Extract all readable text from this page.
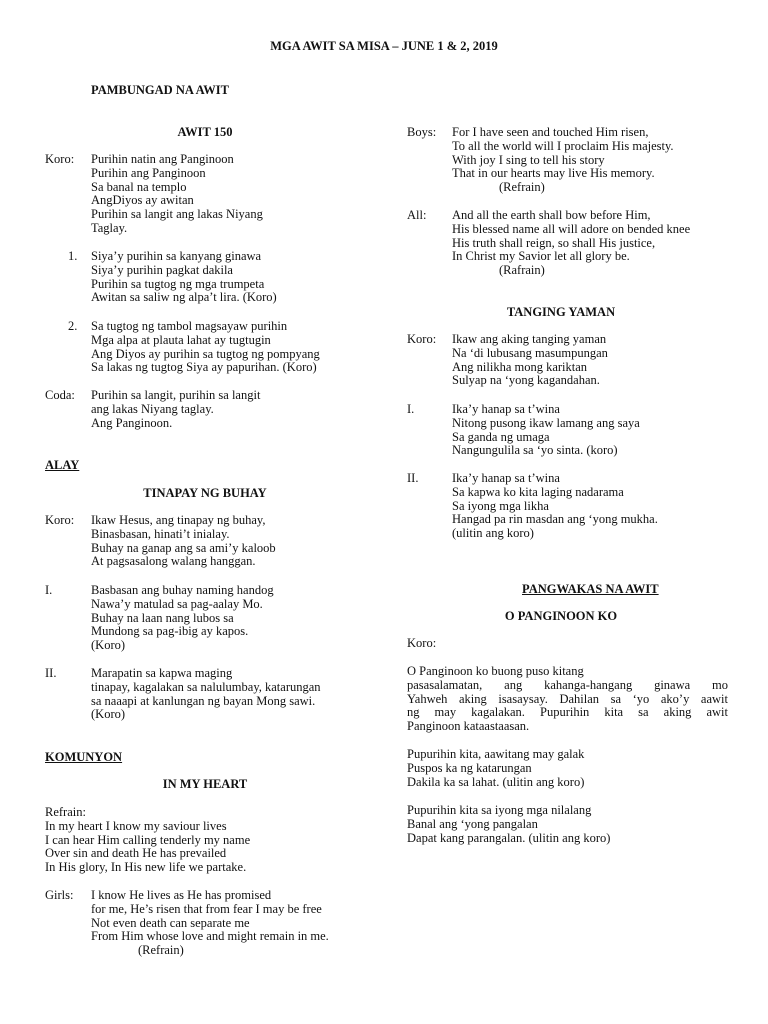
MGA AWIT SA MISA – JUNE 1 & 2, 2019
PAMBUNGAD NA AWIT
AWIT 150
Koro: Purihin natin ang Panginoon
Purihin ang Panginoon
Sa banal na templo
AngDiyos ay awitan
Purihin sa langit ang lakas Niyang
Taglay.
1. Siya’y purihin sa kanyang ginawa
Siya’y purihin pagkat dakila
Purihin sa tugtog ng mga trumpeta
Awitan sa saliw ng alpa’t lira. (Koro)
2. Sa tugtog ng tambol magsayaw purihin
Mga alpa at plauta lahat ay tugtugin
Ang Diyos ay purihin sa tugtog ng pompyang
Sa lakas ng tugtog Siya ay papurihan. (Koro)
Coda: Purihin sa langit, purihin sa langit
ang lakas Niyang taglay.
Ang Panginoon.
ALAY
TINAPAY NG BUHAY
Koro: Ikaw Hesus, ang tinapay ng buhay,
Binasbasan, hinati’t inialay.
Buhay na ganap ang sa ami’y kaloob
At pagsasalong walang hanggan.
I.	Basbasan ang buhay naming handog
Nawa’y matulad sa pag-aalay Mo.
Buhay na laan nang lubos sa
Mundong sa pag-ibig ay kapos.
(Koro)
II.	Marapatin sa kapwa maging
tinapay, kagalakan sa nalulumbay, katarungan
sa naaapi at kanlungan ng bayan Mong sawi.
(Koro)
KOMUNYON
IN MY HEART
Refrain:
In my heart I know my saviour lives
I can hear Him calling tenderly my name
Over sin and death He has prevailed
In His glory, In His new life we partake.
Girls: I know He lives as He has promised
for me, He’s risen that from fear I may be free
Not even death can separate me
From Him whose love and might remain in me.
(Refrain)
Boys: For I have seen and touched Him risen,
To all the world will I proclaim His majesty.
With joy I sing to tell his story
That in our hearts may live His memory.
(Refrain)
All: And all the earth shall bow before Him,
His blessed name all will adore on bended knee
His truth shall reign, so shall His justice,
In Christ my Savior let all glory be.
(Rafrain)
TANGING YAMAN
Koro: Ikaw ang aking tanging yaman
Na ‘di lubusang masumpungan
Ang nilikha mong kariktan
Sulyap na ‘yong kagandahan.
I.	Ika’y hanap sa t’wina
Nitong pusong ikaw lamang ang saya
Sa ganda ng umaga
Nangungulila sa ‘yo sinta. (koro)
II.	Ika’y hanap sa t’wina
Sa kapwa ko kita laging nadarama
Sa iyong mga likha
Hangad pa rin masdan ang ‘yong mukha.
(ulitin ang koro)
PANGWAKAS NA AWIT
O PANGINOON KO
Koro:
O Panginoon ko buong puso kitang
pasasalamatan, ang kahanga-hangang ginawa mo
Yahweh aking isasaysay. Dahilan sa ‘yo ako’y aawit
ng may kagalakan. Pupurihin kita sa aking awit
Panginoon kataastaasan.
Pupurihin kita, aawitang may galak
Puspos ka ng katarungan
Dakila ka sa lahat. (ulitin ang koro)
Pupurihin kita sa iyong mga nilalang
Banal ang ‘yong pangalan
Dapat kang parangalan. (ulitin ang koro)
